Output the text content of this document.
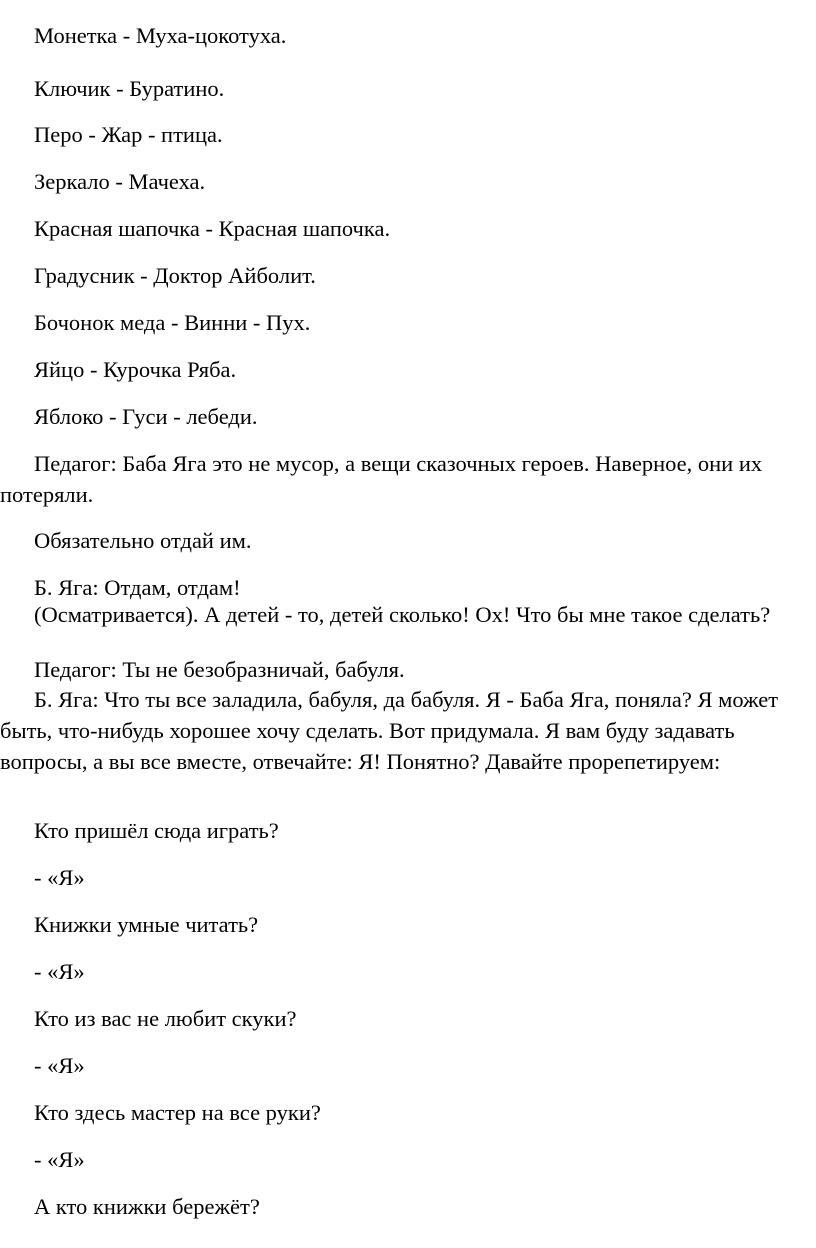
Монетка - Муха-цокотуха.

Ключик - Буратино.

Перо - Жар - птица.

Зеркало - Мачеха.

Красная шапочка - Красная шапочка.

Градусник - Доктор Айболит.

Бочонок меда - Винни - Пух.

Яйцо - Курочка Ряба.

Яблоко - Гуси - лебеди.

Педагог: Баба Яга это не мусор, а вещи сказочных героев. Наверное, они их потеряли.

Обязательно отдай им.

Б. Яга: Отдам, отдам!

(Осматривается). А детей - то, детей сколько! Ох! Что бы мне такое сделать?

Педагог: Ты не безобразничай, бабуля.

Б. Яга: Что ты все заладила, бабуля, да бабуля. Я - Баба Яга, поняла? Я может быть, что-нибудь хорошее хочу сделать. Вот придумала. Я вам буду задавать вопросы, а вы все вместе, отвечайте: Я! Понятно? Давайте прорепетируем:

Кто пришёл сюда играть?

- «Я»

Книжки умные читать?

- «Я»

Кто из вас не любит скуки?

- «Я»

Кто здесь мастер на все руки?

- «Я»

А кто книжки бережёт?
